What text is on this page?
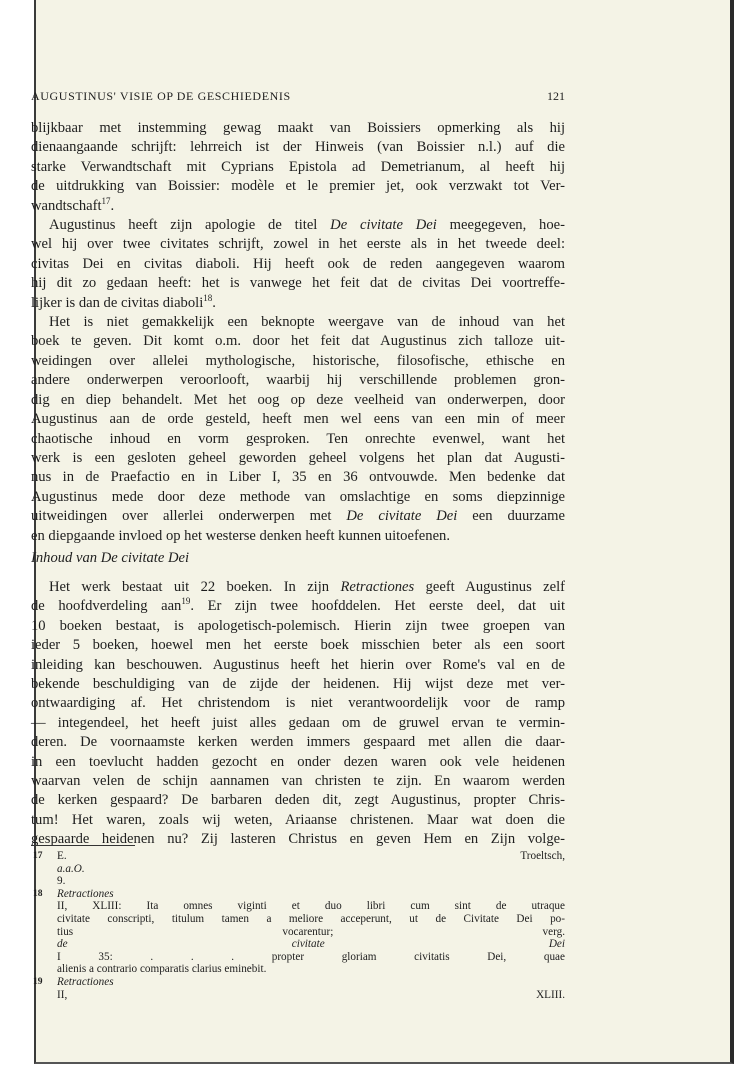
AUGUSTINUS' VISIE OP DE GESCHIEDENIS	121

blijkbaar met instemming gewag maakt van Boissiers opmerking als hij
dienaangaande schrijft: lehrreich ist der Hinweis (van Boissier n.l.) auf die
starke Verwandtschaft mit Cyprians Epistola ad Demetrianum, al heeft hij
de uitdrukking van Boissier: modèle et le premier jet, ook verzwakt tot Ver-
wandtschaft$^{17}$.

Augustinus heeft zijn apologie de titel De civitate Dei meegegeven, hoe-
wel hij over twee civitates schrijft, zowel in het eerste als in het tweede deel:
civitas Dei en civitas diaboli. Hij heeft ook de reden aangegeven waarom
hij dit zo gedaan heeft: het is vanwege het feit dat de civitas Dei voortreffe-
lijker is dan de civitas diaboli$^{18}$.

Het is niet gemakkelijk een beknopte weergave van de inhoud van het
boek te geven. Dit komt o.m. door het feit dat Augustinus zich talloze uit-
weidingen over allelei mythologische, historische, filosofische, ethische en
andere onderwerpen veroorlooft, waarbij hij verschillende problemen gron-
dig en diep behandelt. Met het oog op deze veelheid van onderwerpen, door
Augustinus aan de orde gesteld, heeft men wel eens van een min of meer
chaotische inhoud en vorm gesproken. Ten onrechte evenwel, want het
werk is een gesloten geheel geworden geheel volgens het plan dat Augusti-
nus in de Praefactio en in Liber I, 35 en 36 ontvouwde. Men bedenke dat
Augustinus mede door deze methode van omslachtige en soms diepzinnige
uitweidingen over allerlei onderwerpen met De civitate Dei een duurzame
en diepgaande invloed op het westerse denken heeft kunnen uitoefenen.

Inhoud van De civitate Dei

Het werk bestaat uit 22 boeken. In zijn Retractiones geeft Augustinus zelf
de hoofdverdeling aan$^{19}$. Er zijn twee hoofddelen. Het eerste deel, dat uit
10 boeken bestaat, is apologetisch-polemisch. Hierin zijn twee groepen van
ieder 5 boeken, hoewel men het eerste boek misschien beter als een soort
inleiding kan beschouwen. Augustinus heeft het hierin over Rome's val en de
bekende beschuldiging van de zijde der heidenen. Hij wijst deze met ver-
ontwaardiging af. Het christendom is niet verantwoordelijk voor de ramp
— integendeel, het heeft juist alles gedaan om de gruwel ervan te vermin-
deren. De voornaamste kerken werden immers gespaard met allen die daar-
in een toevlucht hadden gezocht en onder dezen waren ook vele heidenen
waarvan velen de schijn aannamen van christen te zijn. En waarom werden
de kerken gespaard? De barbaren deden dit, zegt Augustinus, propter Chris-
tum! Het waren, zoals wij weten, Ariaanse christenen. Maar wat doen die
gespaarde heidenen nu? Zij lasteren Christus en geven Hem en Zijn volge-

17 E. Troeltsch,
a.a.O.
9.
18 Retractiones
II, XLIII: Ita omnes viginti et duo libri cum sint de utraque
civitate conscripti, titulum tamen a meliore acceperunt, ut de Civitate Dei po-
tius vocarentur; verg.
de civitate Dei
I 35: . . . propter gloriam civitatis Dei, quae
alienis a contrario comparatis clarius eminebit.
19 Retractiones
II, XLIII.
